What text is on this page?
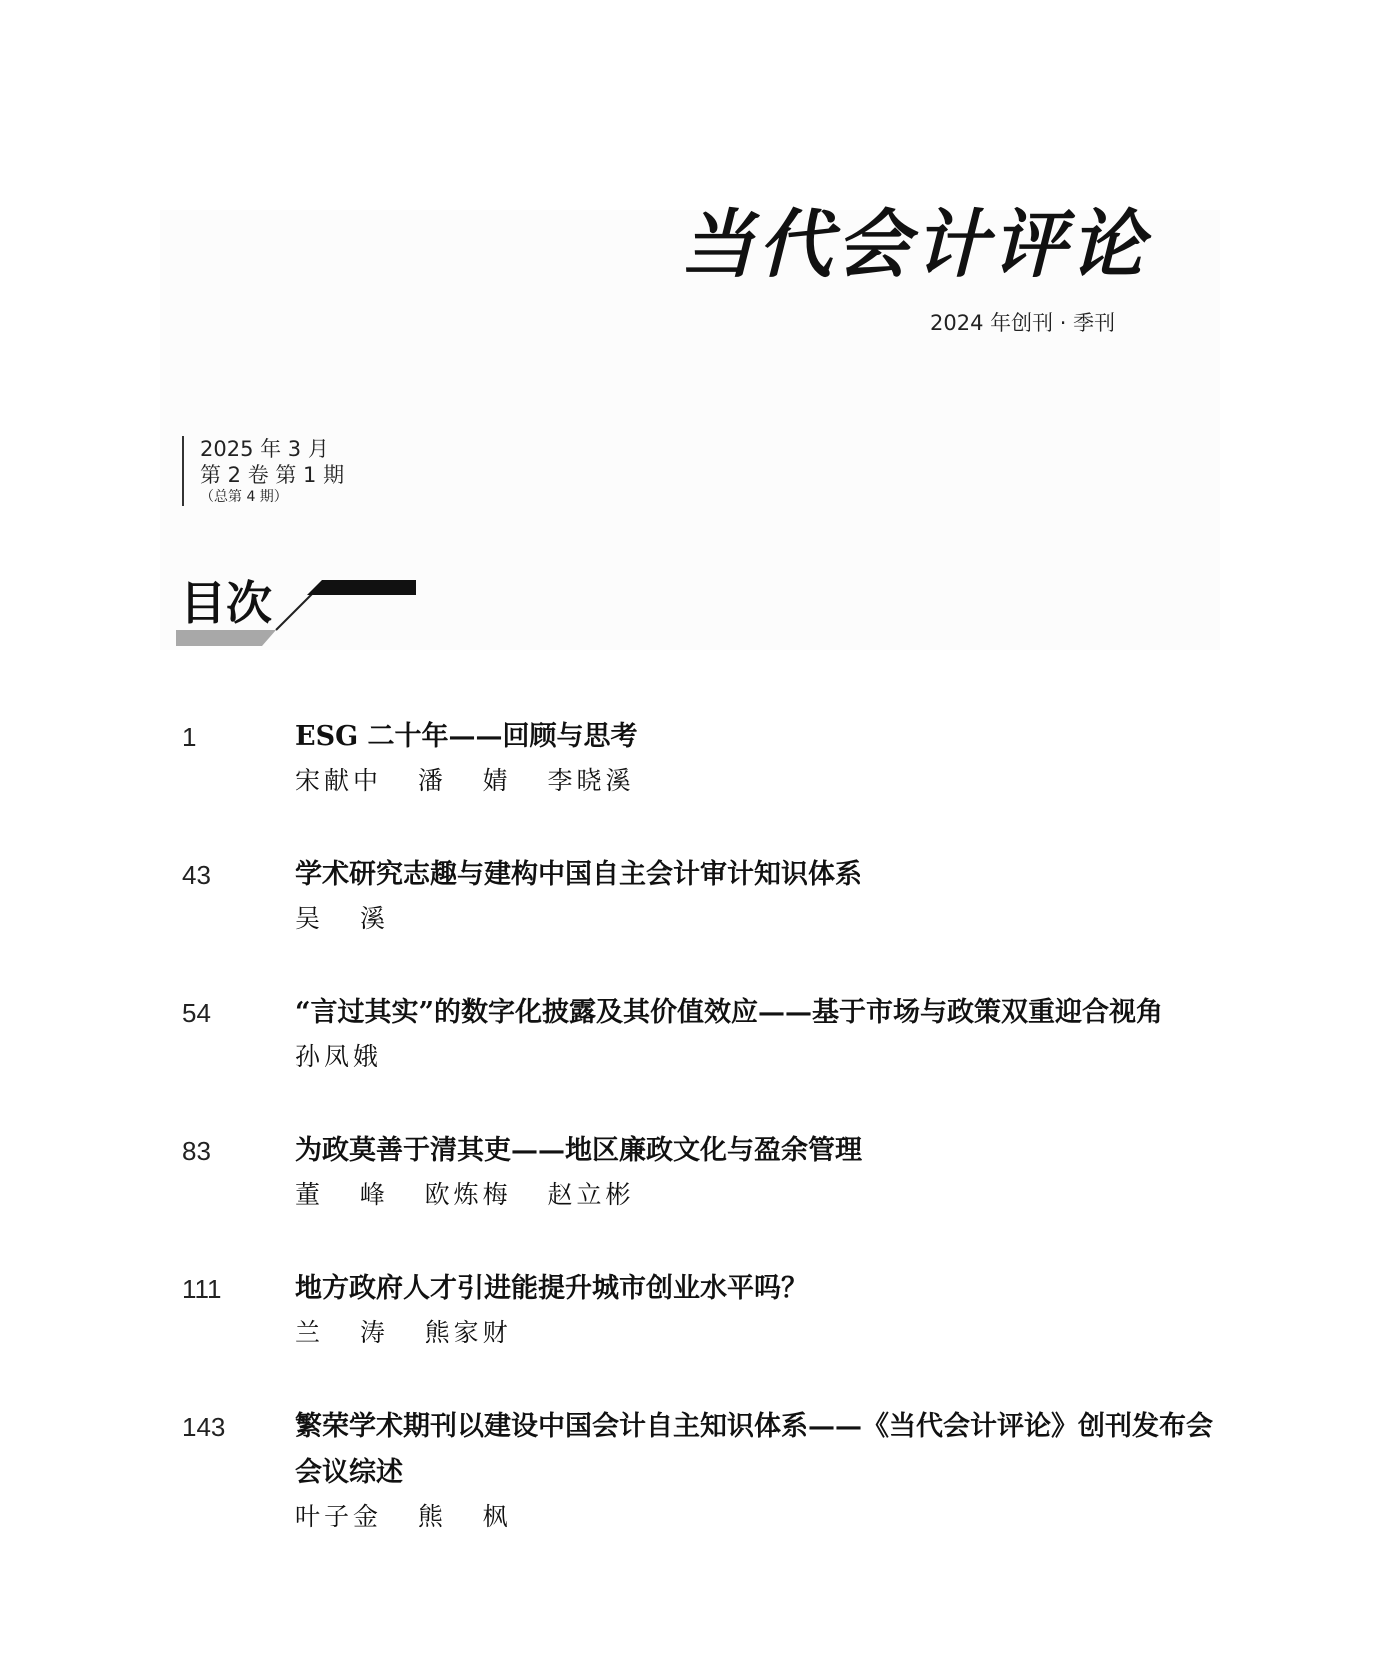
当代会计评论
2024 年创刊 · 季刊
2025 年 3 月
第 2 卷 第 1 期
（总第 4 期）
目次
1	ESG 二十年——回顾与思考
宋献中   潘   婧   李晓溪
43	学术研究志趣与建构中国自主会计审计知识体系
吴   溪
54	“言过其实”的数字化披露及其价值效应——基于市场与政策双重迎合视角
孙凤娥
83	为政莫善于清其吏——地区廉政文化与盈余管理
董   峰   欧炼梅   赵立彬
111	地方政府人才引进能提升城市创业水平吗？
兰   涛   熊家财
143	繁荣学术期刊以建设中国会计自主知识体系——《当代会计评论》创刊发布会会议综述
叶子金   熊   枫
